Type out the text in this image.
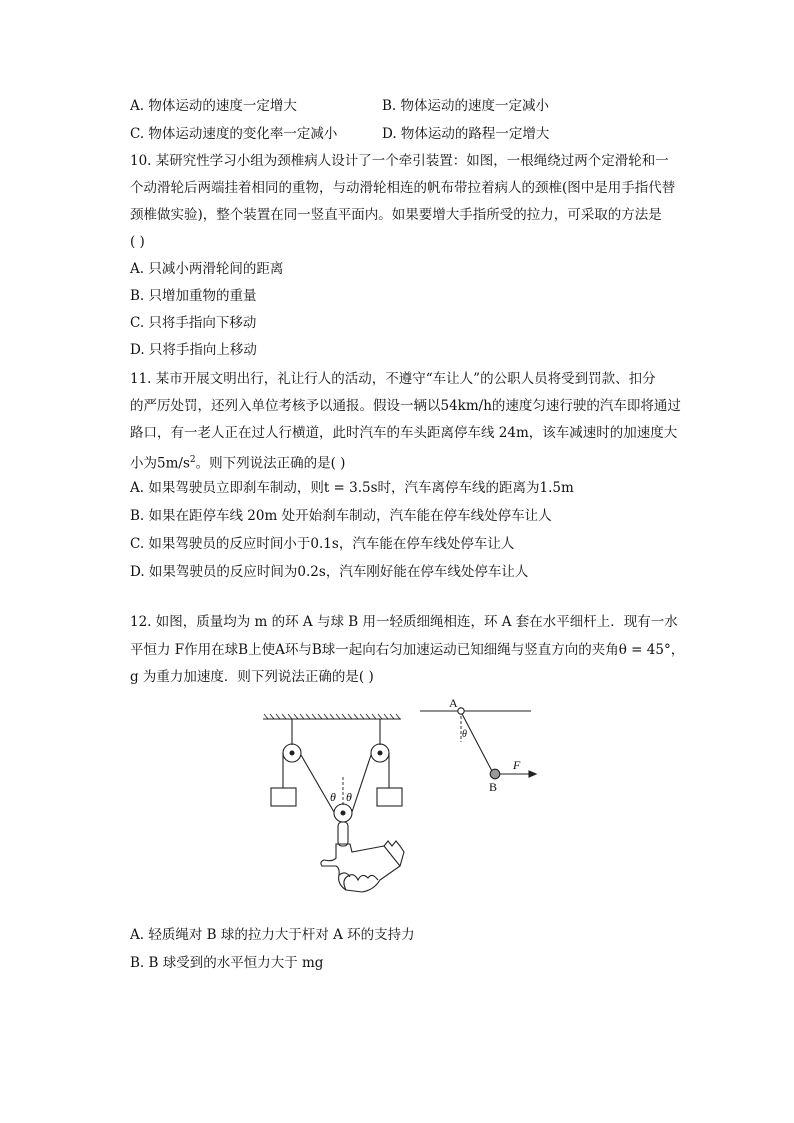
A. 物体运动的速度一定增大	B. 物体运动的速度一定减小
C. 物体运动速度的变化率一定减小	D. 物体运动的路程一定增大
10. 某研究性学习小组为颈椎病人设计了一个牵引装置：如图，一根绳绕过两个定滑轮和一
个动滑轮后两端挂着相同的重物，与动滑轮相连的帆布带拉着病人的颈椎(图中是用手指代替
颈椎做实验)，整个装置在同一竖直平面内。如果要增大手指所受的拉力，可采取的方法是
( )
A. 只减小两滑轮间的距离
B. 只增加重物的重量
C. 只将手指向下移动
D. 只将手指向上移动
11. 某市开展文明出行，礼让行人的活动，不遵守“车让人”的公职人员将受到罚款、扣分
的严厉处罚，还列入单位考核予以通报。假设一辆以54km/h的速度匀速行驶的汽车即将通过
路口，有一老人正在过人行横道，此时汽车的车头距离停车线 24m，该车减速时的加速度大
小为$5m/s^2$。则下列说法正确的是( )
A. 如果驾驶员立即刹车制动，则t = 3.5s时，汽车离停车线的距离为1.5m
B. 如果在距停车线 20m 处开始刹车制动，汽车能在停车线处停车让人
C. 如果驾驶员的反应时间小于0.1s，汽车能在停车线处停车让人
D. 如果驾驶员的反应时间为0.2s，汽车刚好能在停车线处停车让人
12. 如图，质量均为 m 的环 A 与球 B 用一轻质细绳相连，环 A 套在水平细杆上．现有一水
平恒力 F作用在球B上使A环与B球一起向右匀加速运动已知细绳与竖直方向的夹角θ = 45°，
g 为重力加速度．则下列说法正确的是( )
θ θ
A
θ
B
F
A. 轻质绳对 B 球的拉力大于杆对 A 环的支持力
B. B 球受到的水平恒力大于 mg
